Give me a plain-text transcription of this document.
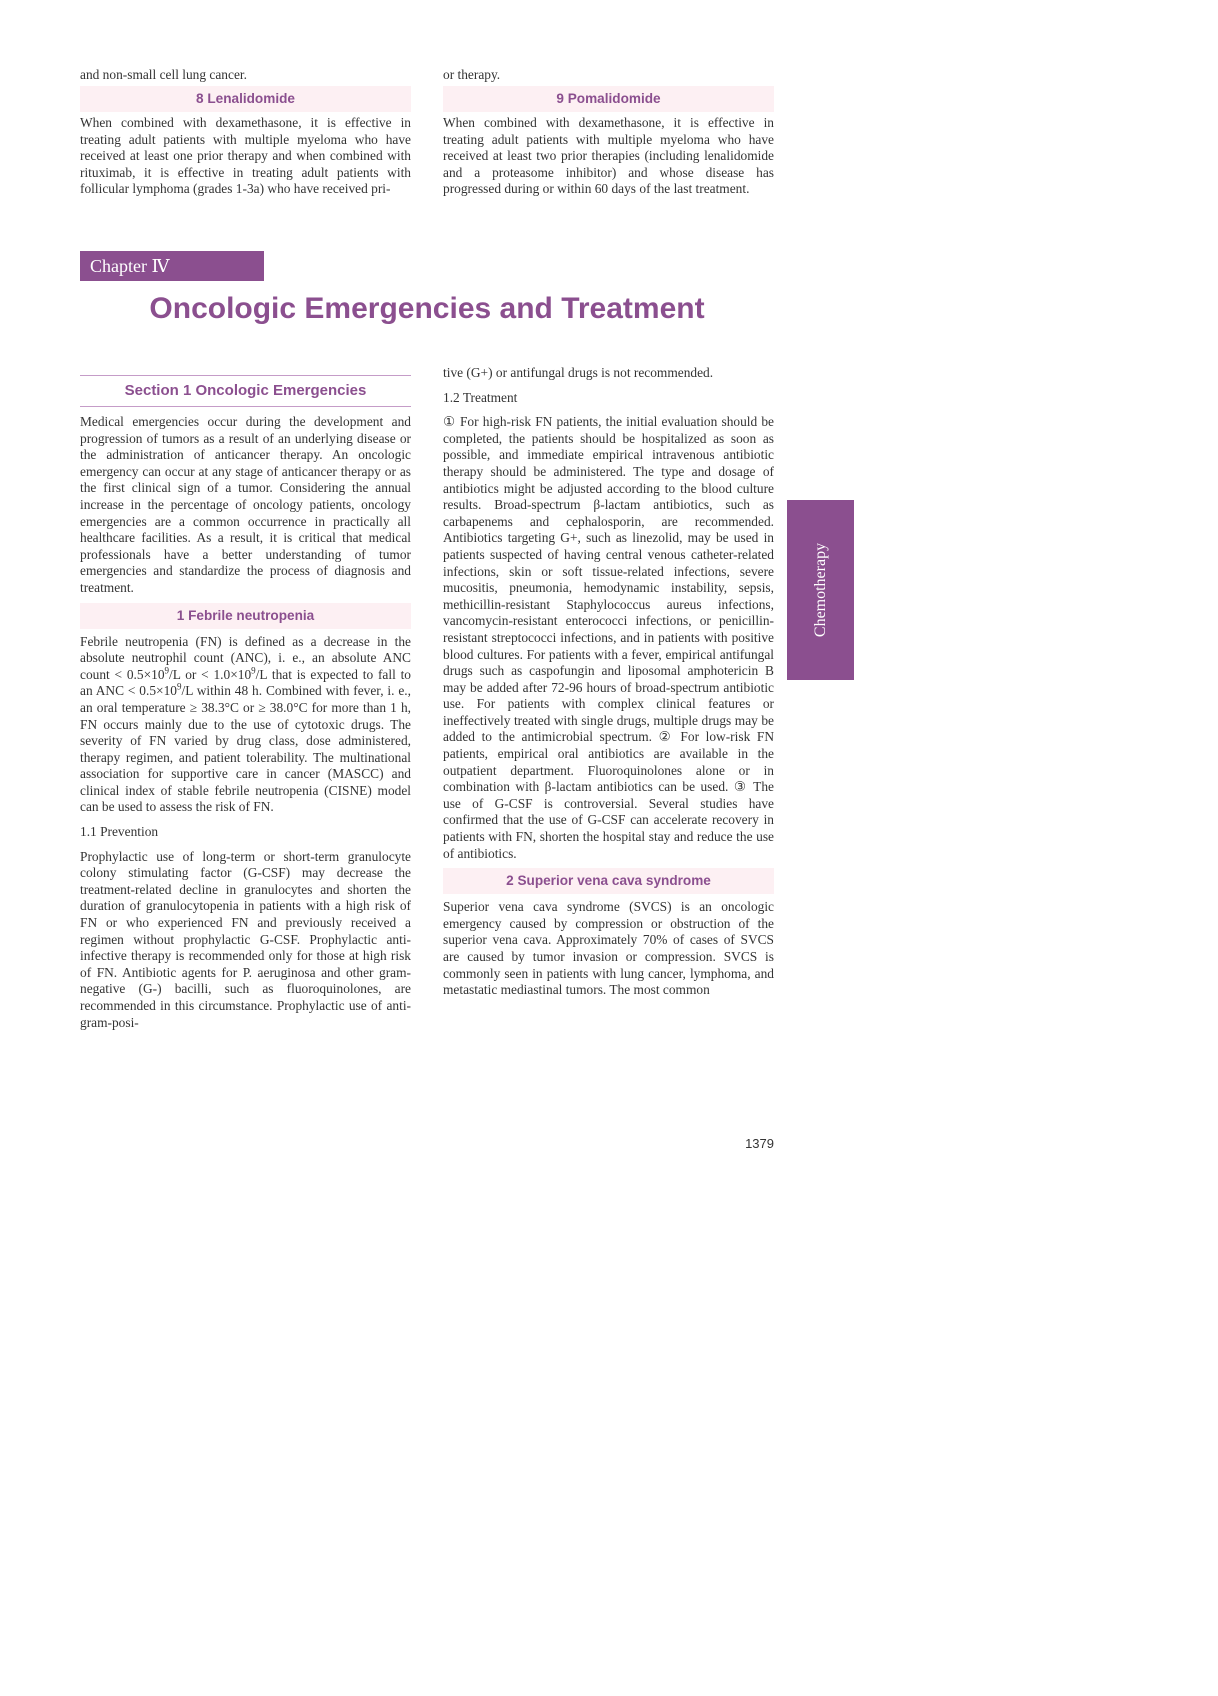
and non-small cell lung cancer.	or therapy.

8 Lenalidomide	9 Pomalidomide

When combined with dexamethasone, it is effective in treating adult patients with multiple myeloma who have received at least one prior therapy and when combined with rituximab, it is effective in treating adult patients with follicular lymphoma (grades 1-3a) who have received pri-

When combined with dexamethasone, it is effective in treating adult patients with multiple myeloma who have received at least two prior therapies (including lenalidomide and a proteasome inhibitor) and whose disease has progressed during or within 60 days of the last treatment.

Chapter Ⅳ
Oncologic Emergencies and Treatment
Section 1 Oncologic Emergencies

Medical emergencies occur during the development and progression of tumors as a result of an underlying disease or the administration of anticancer therapy. An oncologic emergency can occur at any stage of anticancer therapy or as the first clinical sign of a tumor. Considering the annual increase in the percentage of oncology patients, oncology emergencies are a common occurrence in practically all healthcare facilities. As a result, it is critical that medical professionals have a better understanding of tumor emergencies and standardize the process of diagnosis and treatment.

1 Febrile neutropenia

Febrile neutropenia (FN) is defined as a decrease in the absolute neutrophil count (ANC), i. e., an absolute ANC count < $0.5\times 10^9/L$ or < $1.0\times 10^9/L$ that is expected to fall to an ANC < $0.5\times 10^9/L$ within 48 h. Combined with fever, i. e., an oral temperature ≥ 38.3°C or ≥ 38.0°C for more than 1 h, FN occurs mainly due to the use of cytotoxic drugs. The severity of FN varied by drug class, dose administered, therapy regimen, and patient tolerability. The multinational association for supportive care in cancer (MASCC) and clinical index of stable febrile neutropenia (CISNE) model can be used to assess the risk of FN.

1.1 Prevention

Prophylactic use of long-term or short-term granulocyte colony stimulating factor (G-CSF) may decrease the treatment-related decline in granulocytes and shorten the duration of granulocytopenia in patients with a high risk of FN or who experienced FN and previously received a regimen without prophylactic G-CSF. Prophylactic anti-infective therapy is recommended only for those at high risk of FN. Antibiotic agents for P. aeruginosa and other gram-negative (G-) bacilli, such as fluoroquinolones, are recommended in this circumstance. Prophylactic use of anti-gram-posi-

tive (G+) or antifungal drugs is not recommended.

1.2 Treatment

① For high-risk FN patients, the initial evaluation should be completed, the patients should be hospitalized as soon as possible, and immediate empirical intravenous antibiotic therapy should be administered. The type and dosage of antibiotics might be adjusted according to the blood culture results. Broad-spectrum β-lactam antibiotics, such as carbapenems and cephalosporin, are recommended. Antibiotics targeting G+, such as linezolid, may be used in patients suspected of having central venous catheter-related infections, skin or soft tissue-related infections, severe mucositis, pneumonia, hemodynamic instability, sepsis, methicillin-resistant Staphylococcus aureus infections, vancomycin-resistant enterococci infections, or penicillin-resistant streptococci infections, and in patients with positive blood cultures. For patients with a fever, empirical antifungal drugs such as caspofungin and liposomal amphotericin B may be added after 72-96 hours of broad-spectrum antibiotic use. For patients with complex clinical features or ineffectively treated with single drugs, multiple drugs may be added to the antimicrobial spectrum. ② For low-risk FN patients, empirical oral antibiotics are available in the outpatient department. Fluoroquinolones alone or in combination with β-lactam antibiotics can be used. ③ The use of G-CSF is controversial. Several studies have confirmed that the use of G-CSF can accelerate recovery in patients with FN, shorten the hospital stay and reduce the use of antibiotics.

2 Superior vena cava syndrome

Superior vena cava syndrome (SVCS) is an oncologic emergency caused by compression or obstruction of the superior vena cava. Approximately 70% of cases of SVCS are caused by tumor invasion or compression. SVCS is commonly seen in patients with lung cancer, lymphoma, and metastatic mediastinal tumors. The most common

Chemotherapy
1379
